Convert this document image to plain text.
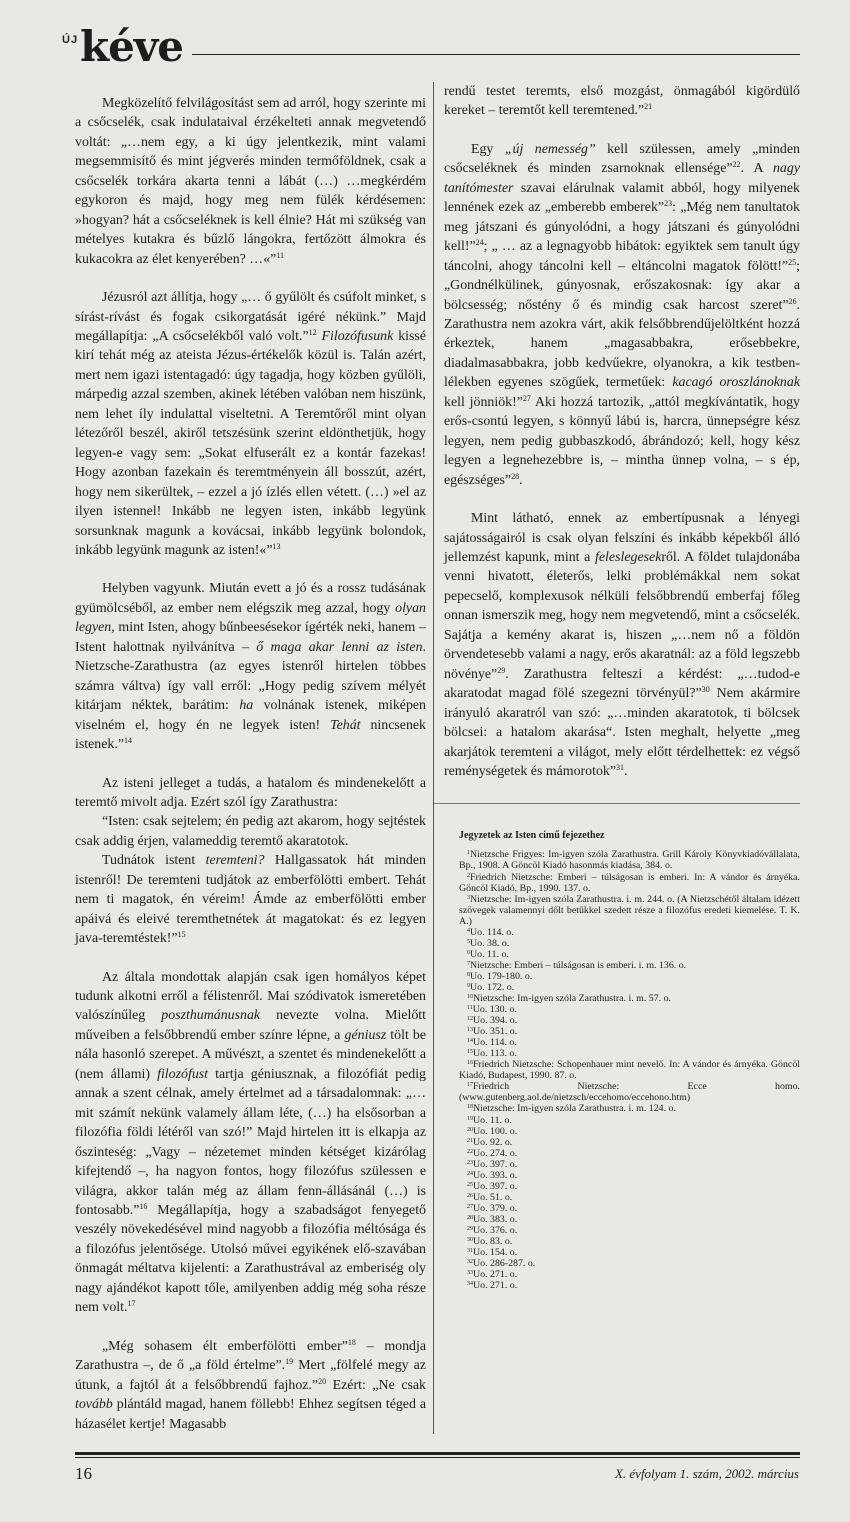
ÚJ kéve

Megközelítő felvilágosítást sem ad arról, hogy szerinte mi a csőcselék, csak indulataival érzékelteti annak megvetendő voltát: „…nem egy, a ki úgy jelentkezik, mint valami megsemmisítő és mint jégverés minden termőföldnek, csak a csőcselék torkára akarta tenni a lábát (…) …megkérdém egykoron és majd, hogy meg nem fülék kérdésemen: »hogyan? hát a csőcseléknek is kell élnie? Hát mi szükség van mételyes kutakra és bűzlő lángokra, fertőzött álmokra és kukacokra az élet kenyerében? …«”$^{11}$

Jézusról azt állítja, hogy „… ő gyűlölt és csúfolt minket, s sírást-rívást és fogak csikorgatását igéré nékünk.” Majd megállapítja: „A csőcselékből való volt.”$^{12}$ Filozófusunk kissé kirí tehát még az ateista Jézus-értékelők közül is. Talán azért, mert nem igazi istentagadó: úgy tagadja, hogy közben gyűlöli, márpedig azzal szemben, akinek létében valóban nem hiszünk, nem lehet íly indulattal viseltetni. A Teremtőről mint olyan létezőről beszél, akiről tetszésünk szerint eldönthetjük, hogy legyen-e vagy sem: „Sokat elfuserált ez a kontár fazekas! Hogy azonban fazekain és teremtményein áll bosszút, azért, hogy nem sikerültek, – ezzel a jó ízlés ellen vétett. (…) »el az ilyen istennel! Inkább ne legyen isten, inkább legyünk sorsunknak magunk a kovácsai, inkább legyünk bolondok, inkább legyünk magunk az isten!«”$^{13}$

Helyben vagyunk. Miután evett a jó és a rossz tudásának gyümölcséből, az ember nem elégszik meg azzal, hogy olyan legyen, mint Isten, ahogy bűnbeesésekor ígérték neki, hanem – Istent halottnak nyilvánítva – ő maga akar lenni az isten. Nietzsche-Zarathustra (az egyes istenről hirtelen többes számra váltva) így vall erről: „Hogy pedig szívem mélyét kitárjam néktek, barátim: ha volnának istenek, miképen viselném el, hogy én ne legyek isten! Tehát nincsenek istenek.”$^{14}$

Az isteni jelleget a tudás, a hatalom és mindenekelőtt a teremtő mivolt adja. Ezért szól így Zarathustra:

“Isten: csak sejtelem; én pedig azt akarom, hogy sejtéstek csak addig érjen, valameddig teremtő akaratotok.

Tudnátok istent teremteni? Hallgassatok hát minden istenről! De teremteni tudjátok az emberfölötti embert. Tehát nem ti magatok, én véreim! Ámde az emberfölötti ember apáivá és eleivé teremthetnétek át magatokat: és ez legyen java-teremtéstek!”$^{15}$

Az általa mondottak alapján csak igen homályos képet tudunk alkotni erről a félistenről. Mai szódivatok ismeretében valószínűleg poszthumánusnak nevezte volna. Mielőtt műveiben a felsőbbrendű ember színre lépne, a géniusz tölt be nála hasonló szerepet. A művészt, a szentet és mindenekelőtt a (nem állami) filozófust tartja géniusznak, a filozófiát pedig annak a szent célnak, amely értelmet ad a társadalomnak: „…mit számít nekünk valamely állam léte, (…) ha elsősorban a filozófia földi létéről van szó!” Majd hirtelen itt is elkapja az őszinteség: „Vagy – nézetemet minden kétséget kizárólag kifejtendő –, ha nagyon fontos, hogy filozófus szülessen e világra, akkor talán még az állam fenn-állásánál (…) is fontosabb.”$^{16}$ Megállapítja, hogy a szabadságot fenyegető veszély növekedésével mind nagyobb a filozófia méltósága és a filozófus jelentősége. Utolsó művei egyikének elő-szavában önmagát méltatva kijelenti: a Zarathustrával az emberiség oly nagy ajándékot kapott tőle, amilyenben addig még soha része nem volt.$^{17}$

„Még sohasem élt emberfölötti ember”$^{18}$ – mondja Zarathustra –, de ő „a föld értelme”.$^{19}$ Mert „fölfelé megy az útunk, a fajtól át a felsőbbrendű fajhoz.”$^{20}$ Ezért: „Ne csak tovább plántáld magad, hanem föllebb! Ehhez segítsen téged a házasélet kertje! Magasabb

rendű testet teremts, első mozgást, önmagából kigördülő kereket – teremtőt kell teremtened.”$^{21}$

Egy „új nemesség” kell szülessen, amely „minden csőcseléknek és minden zsarnoknak ellensége”$^{22}$. A nagy tanítómester szavai elárulnak valamit abból, hogy milyenek lennének ezek az „emberebb emberek”$^{23}$: „Még nem tanultatok meg játszani és gúnyolódni, a hogy játszani és gúnyolódni kell!”$^{24}$; „ … az a legnagyobb hibátok: egyiktek sem tanult úgy táncolni, ahogy táncolni kell – eltáncolni magatok fölött!”$^{25}$; „Gondnélkülinek, gúnyosnak, erőszakosnak: így akar a bölcsesség; nőstény ő és mindig csak harcost szeret”$^{26}$. Zarathustra nem azokra várt, akik felsőbbrendűjelöltként hozzá érkeztek, hanem „magasabbakra, erősebbekre, diadalmasabbakra, jobb kedvűekre, olyanokra, a kik testben-lélekben egyenes szögűek, termetűek: kacagó oroszlánoknak kell jönniök!”$^{27}$ Aki hozzá tartozik, „attól megkívántatik, hogy erős-csontú legyen, s könnyű lábú is, harcra, ünnepségre kész legyen, nem pedig gubbaszkodó, ábrándozó; kell, hogy kész legyen a legnehezebbre is, – mintha ünnep volna, – s ép, egészséges”$^{28}$.

Mint látható, ennek az embertípusnak a lényegi sajátosságairól is csak olyan felszíni és inkább képekből álló jellemzést kapunk, mint a feleslegesekről. A földet tulajdonába venni hivatott, életerős, lelki problémákkal nem sokat pepecselő, komplexusok nélküli felsőbbrendű emberfaj főleg onnan ismerszik meg, hogy nem megvetendő, mint a csőcselék. Sajátja a kemény akarat is, hiszen „…nem nő a földön örvendetesebb valami a nagy, erős akaratnál: az a föld legszebb növénye”$^{29}$. Zarathustra felteszi a kérdést: „…tudod-e akaratodat magad fölé szegezni törvényül?”$^{30}$ Nem akármire irányuló akaratról van szó: „…minden akaratotok, ti bölcsek bölcsei: a hatalom akarása“. Isten meghalt, helyette „meg akarjátok teremteni a világot, mely előtt térdelhettek: ez végső reménységetek és mámorotok”$^{31}$.

Jegyzetek az Isten című fejezethez
$^1$Nietzsche Frigyes: Im-igyen szóla Zarathustra. Grill Károly Könyvkiadóvállalata, Bp., 1908. A Göncöl Kiadó hasonmás kiadása, 384. o.
$^2$Friedrich Nietzsche: Emberi – túlságosan is emberi. In: A vándor és árnyéka. Göncöl Kiadó, Bp., 1990. 137. o.
$^3$Nietzsche: Im-igyen szóla Zarathustra. i. m. 244. o. (A Nietzschétől általam idézett szövegek valamennyi dőlt betűkkel szedett része a filozófus eredeti kiemelése. T. K. A.)
$^4$Uo. 114. o.
$^5$Uo. 38. o.
$^6$Uo. 11. o.
$^7$Nietzsche: Emberi – túlságosan is emberi. i. m. 136. o.
$^8$Uo. 179-180. o.
$^9$Uo. 172. o.
$^{10}$Nietzsche: Im-igyen szóla Zarathustra. i. m. 57. o.
$^{11}$Uo. 130. o.
$^{12}$Uo. 394. o.
$^{13}$Uo. 351. o.
$^{14}$Uo. 114. o.
$^{15}$Uo. 113. o.
$^{16}$Friedrich Nietzsche: Schopenhauer mint nevelő. In: A vándor és árnyéka. Göncöl Kiadó, Budapest, 1990. 87. o.
$^{17}$Friedrich Nietzsche: Ecce homo. (www.gutenberg.aol.de/nietzsch/eccehomo/eccehono.htm)
$^{18}$Nietzsche: Im-igyen szóla Zarathustra. i. m. 124. o.
$^{19}$Uo. 11. o.
$^{20}$Uo. 100. o.
$^{21}$Uo. 92. o.
$^{22}$Uo. 274. o.
$^{23}$Uo. 397. o.
$^{24}$Uo. 393. o.
$^{25}$Uo. 397. o.
$^{26}$Uo. 51. o.
$^{27}$Uo. 379. o.
$^{28}$Uo. 383. o.
$^{29}$Uo. 376. o.
$^{30}$Uo. 83. o.
$^{31}$Uo. 154. o.
$^{32}$Uo. 286-287. o.
$^{33}$Uo. 271. o.
$^{34}$Uo. 271. o.
16	X. évfolyam 1. szám, 2002. március
